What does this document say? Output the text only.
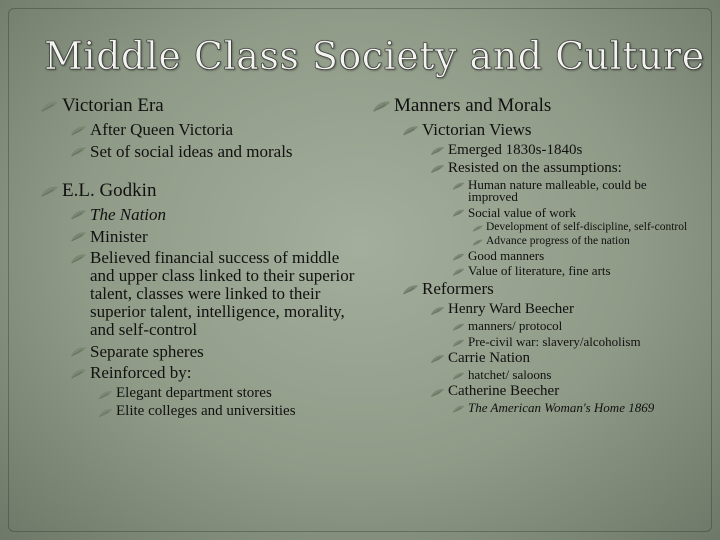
Middle Class Society and Culture
Victorian Era
After Queen Victoria
Set of social ideas and morals
E.L. Godkin
The Nation
Minister
Believed financial success of middle and upper class linked to their superior talent, classes were linked to their superior talent, intelligence, morality, and self-control
Separate spheres
Reinforced by:
Elegant department stores
Elite colleges and universities
Manners and Morals
Victorian Views
Emerged 1830s-1840s
Resisted on the assumptions:
Human nature malleable, could be improved
Social value of work
Development of self-discipline, self-control
Advance progress of the nation
Good manners
Value of literature, fine arts
Reformers
Henry Ward Beecher
manners/ protocol
Pre-civil war: slavery/alcoholism
Carrie Nation
hatchet/ saloons
Catherine Beecher
The American Woman's Home 1869
